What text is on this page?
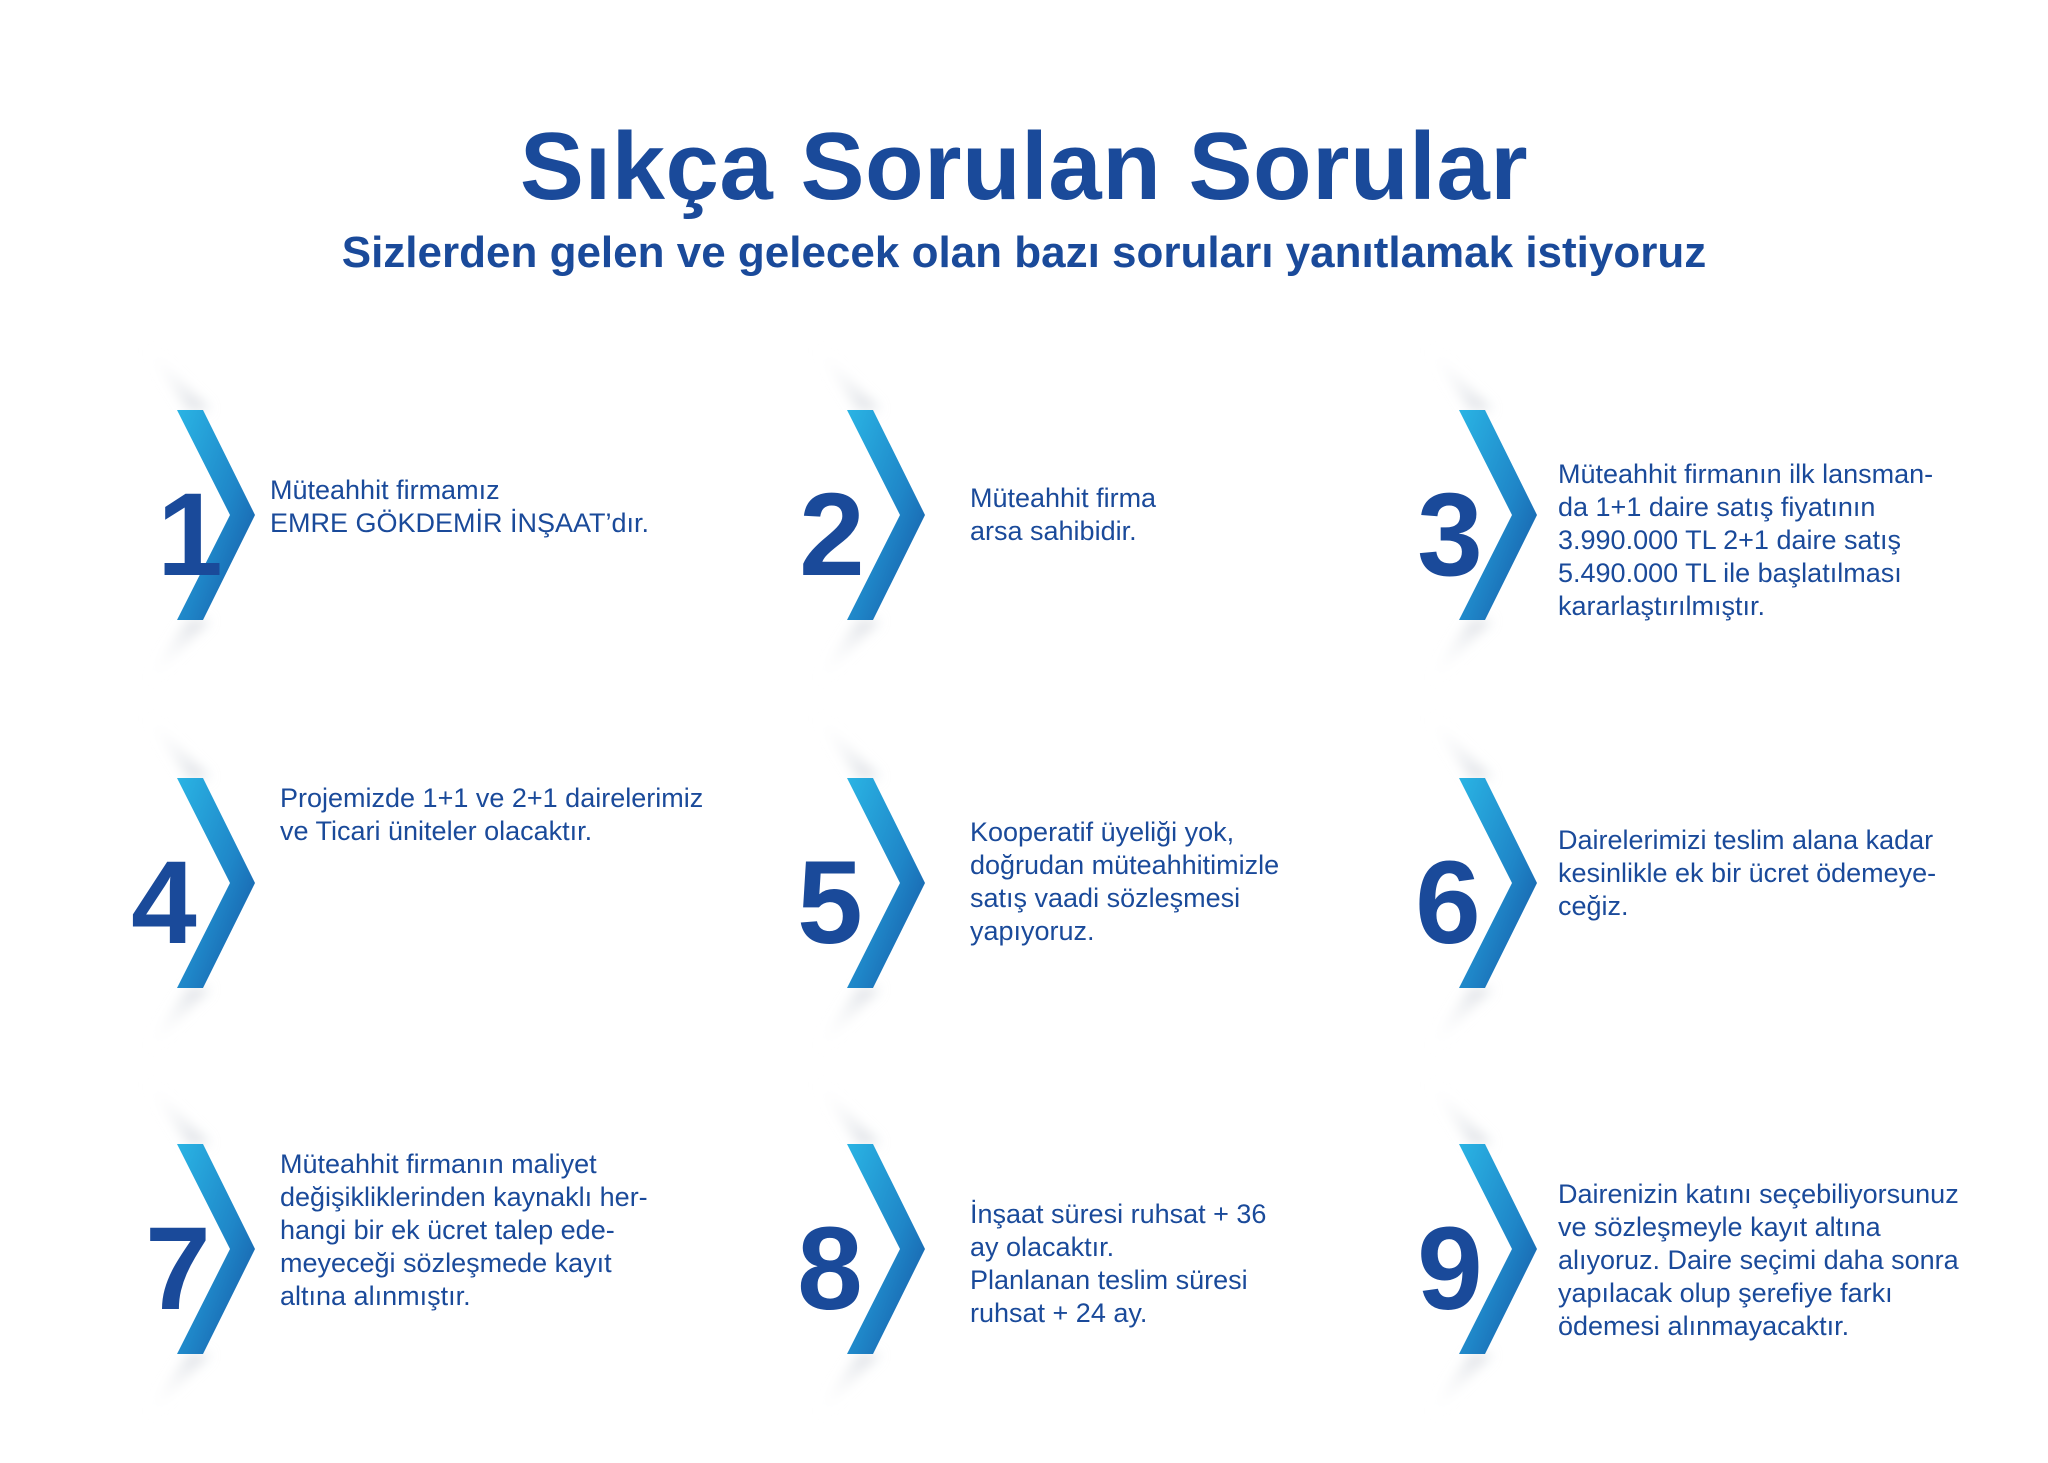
Sıkça Sorulan Sorular
Sizlerden gelen ve gelecek olan bazı soruları yanıtlamak istiyoruz
1	Müteahhit firmamız
EMRE GÖKDEMİR İNŞAAT’dır. 2	Müteahhit firma
arsa sahibidir. 3	Müteahhit firmanın ilk lansman-
da 1+1 daire satış fiyatının
3.990.000 TL 2+1 daire satış
5.490.000 TL ile başlatılması
kararlaştırılmıştır.

4

Projemizde 1+1 ve 2+1 dairelerimiz
ve Ticari üniteler olacaktır.

5

Kooperatif üyeliği yok,
doğrudan müteahhitimizle
satış vaadi sözleşmesi
yapıyoruz.	6	Dairelerimizi teslim alana kadar
kesinlikle ek bir ücret ödemeye-
ceğiz.

7

Müteahhit firmanın maliyet
değişikliklerinden kaynaklı her-
hangi bir ek ücret talep ede-
meyeceği sözleşmede kayıt
altına alınmıştır.	8	İnşaat süresi ruhsat + 36
ay olacaktır.
Planlanan teslim süresi
ruhsat + 24 ay.	9

Dairenizin katını seçebiliyorsunuz
ve sözleşmeyle kayıt altına
alıyoruz. Daire seçimi daha sonra
yapılacak olup şerefiye farkı
ödemesi alınmayacaktır.
